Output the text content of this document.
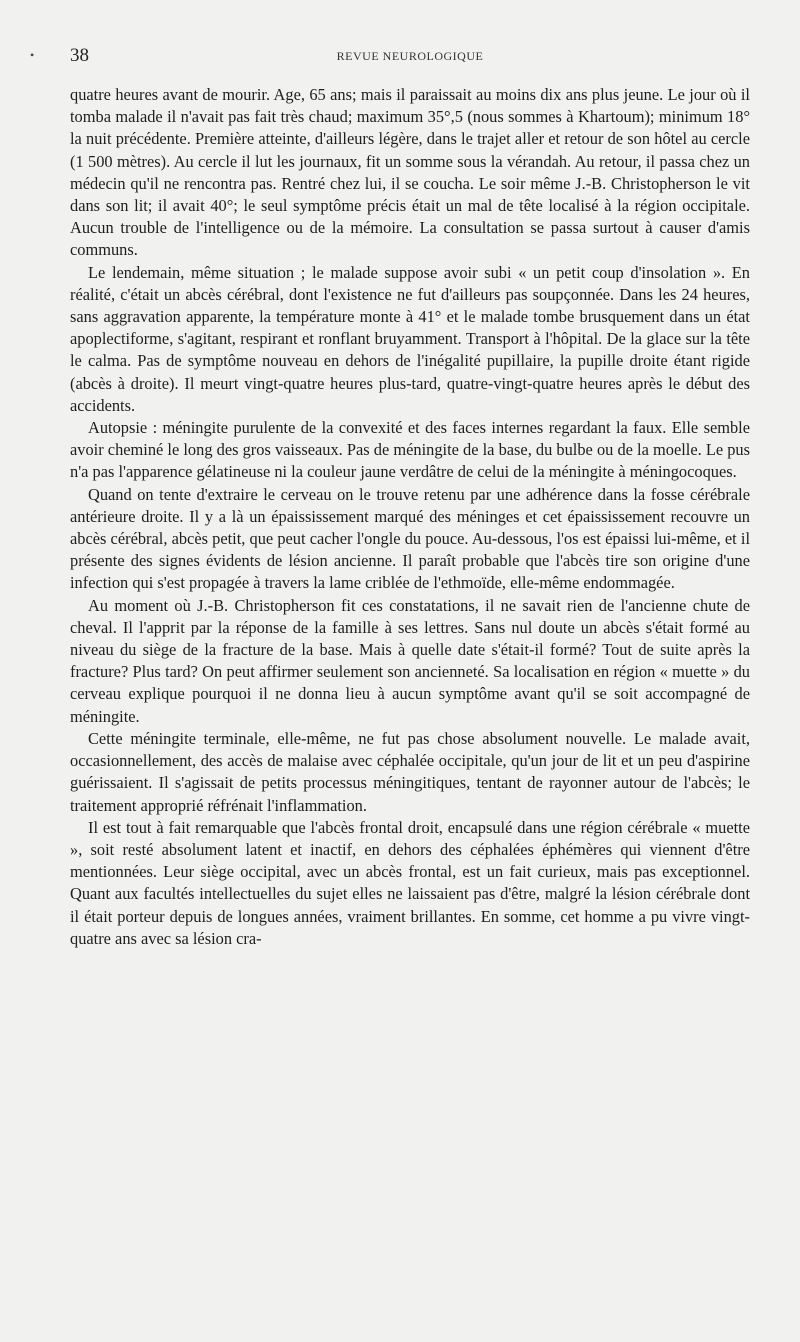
• 38	REVUE NEUROLOGIQUE

quatre heures avant de mourir. Age, 65 ans; mais il paraissait au moins dix ans plus jeune. Le jour où il tomba malade il n'avait pas fait très chaud; maximum 35°,5 (nous sommes à Khartoum); minimum 18° la nuit précédente. Première atteinte, d'ailleurs légère, dans le trajet aller et retour de son hôtel au cercle (1 500 mètres). Au cercle il lut les journaux, fit un somme sous la vérandah. Au retour, il passa chez un médecin qu'il ne rencontra pas. Rentré chez lui, il se coucha. Le soir même J.-B. Christopherson le vit dans son lit; il avait 40°; le seul symptôme précis était un mal de tête localisé à la région occipitale. Aucun trouble de l'intelligence ou de la mémoire. La consultation se passa surtout à causer d'amis communs.

Le lendemain, même situation ; le malade suppose avoir subi « un petit coup d'insolation ». En réalité, c'était un abcès cérébral, dont l'existence ne fut d'ailleurs pas soupçonnée. Dans les 24 heures, sans aggravation apparente, la température monte à 41° et le malade tombe brusquement dans un état apoplectiforme, s'agitant, respirant et ronflant bruyamment. Transport à l'hôpital. De la glace sur la tête le calma. Pas de symptôme nouveau en dehors de l'inégalité pupillaire, la pupille droite étant rigide (abcès à droite). Il meurt vingt-quatre heures plus-tard, quatre-vingt-quatre heures après le début des accidents.

Autopsie : méningite purulente de la convexité et des faces internes regardant la faux. Elle semble avoir cheminé le long des gros vaisseaux. Pas de méningite de la base, du bulbe ou de la moelle. Le pus n'a pas l'apparence gélatineuse ni la couleur jaune verdâtre de celui de la méningite à méningocoques.

Quand on tente d'extraire le cerveau on le trouve retenu par une adhérence dans la fosse cérébrale antérieure droite. Il y a là un épaississement marqué des méninges et cet épaississement recouvre un abcès cérébral, abcès petit, que peut cacher l'ongle du pouce. Au-dessous, l'os est épaissi lui-même, et il présente des signes évidents de lésion ancienne. Il paraît probable que l'abcès tire son origine d'une infection qui s'est propagée à travers la lame criblée de l'ethmoïde, elle-même endommagée.

Au moment où J.-B. Christopherson fit ces constatations, il ne savait rien de l'ancienne chute de cheval. Il l'apprit par la réponse de la famille à ses lettres. Sans nul doute un abcès s'était formé au niveau du siège de la fracture de la base. Mais à quelle date s'était-il formé? Tout de suite après la fracture? Plus tard? On peut affirmer seulement son ancienneté. Sa localisation en région « muette » du cerveau explique pourquoi il ne donna lieu à aucun symptôme avant qu'il se soit accompagné de méningite.

Cette méningite terminale, elle-même, ne fut pas chose absolument nouvelle. Le malade avait, occasionnellement, des accès de malaise avec céphalée occipitale, qu'un jour de lit et un peu d'aspirine guérissaient. Il s'agissait de petits processus méningitiques, tentant de rayonner autour de l'abcès; le traitement approprié réfrénait l'inflammation.

Il est tout à fait remarquable que l'abcès frontal droit, encapsulé dans une région cérébrale « muette », soit resté absolument latent et inactif, en dehors des céphalées éphémères qui viennent d'être mentionnées. Leur siège occipital, avec un abcès frontal, est un fait curieux, mais pas exceptionnel. Quant aux facultés intellectuelles du sujet elles ne laissaient pas d'être, malgré la lésion cérébrale dont il était porteur depuis de longues années, vraiment brillantes. En somme, cet homme a pu vivre vingt-quatre ans avec sa lésion cra-
